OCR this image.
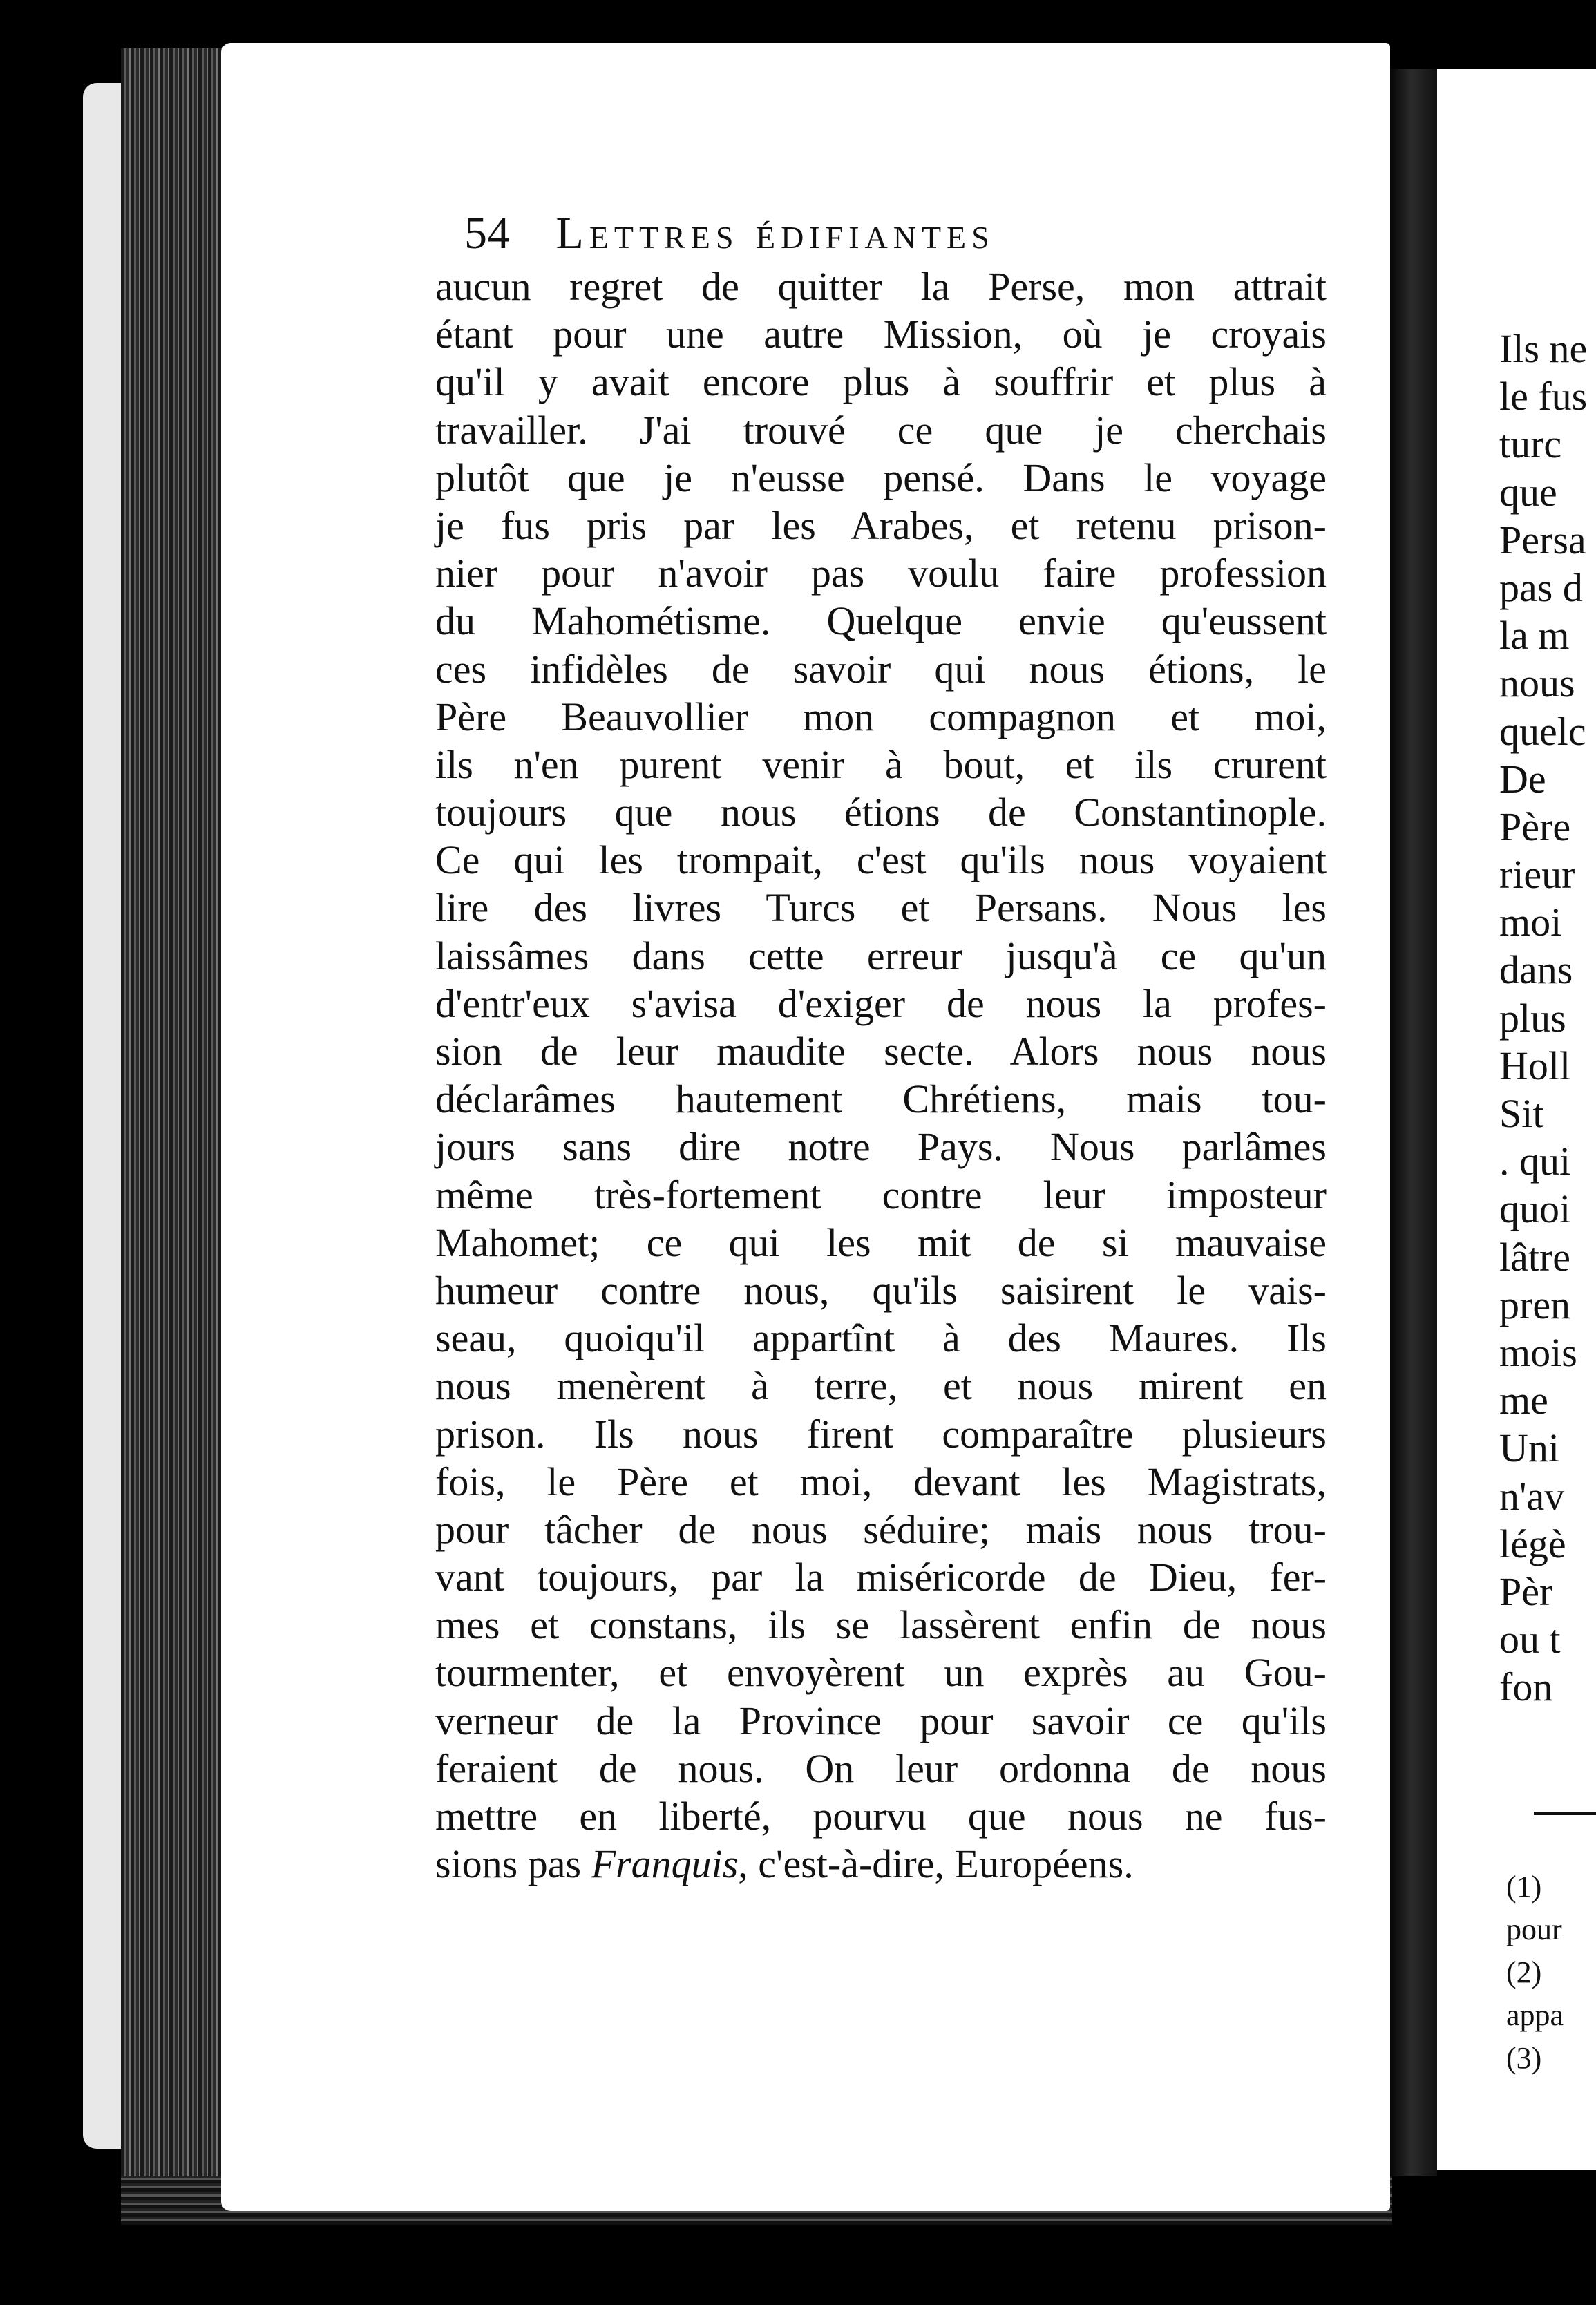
54 Lettres édifiantes
aucun regret de quitter la Perse, mon attrait
étant pour une autre Mission, où je croyais
qu'il y avait encore plus à souffrir et plus à
travailler. J'ai trouvé ce que je cherchais
plutôt que je n'eusse pensé. Dans le voyage
je fus pris par les Arabes, et retenu prison-
nier pour n'avoir pas voulu faire profession
du Mahométisme. Quelque envie qu'eussent
ces infidèles de savoir qui nous étions, le
Père Beauvollier mon compagnon et moi,
ils n'en purent venir à bout, et ils crurent
toujours que nous étions de Constantinople.
Ce qui les trompait, c'est qu'ils nous voyaient
lire des livres Turcs et Persans. Nous les
laissâmes dans cette erreur jusqu'à ce qu'un
d'entr'eux s'avisa d'exiger de nous la profes-
sion de leur maudite secte. Alors nous nous
déclarâmes hautement Chrétiens, mais tou-
jours sans dire notre Pays. Nous parlâmes
même très-fortement contre leur imposteur
Mahomet; ce qui les mit de si mauvaise
humeur contre nous, qu'ils saisirent le vais-
seau, quoiqu'il appartînt à des Maures. Ils
nous menèrent à terre, et nous mirent en
prison. Ils nous firent comparaître plusieurs
fois, le Père et moi, devant les Magistrats,
pour tâcher de nous séduire; mais nous trou-
vant toujours, par la miséricorde de Dieu, fer-
mes et constans, ils se lassèrent enfin de nous
tourmenter, et envoyèrent un exprès au Gou-
verneur de la Province pour savoir ce qu'ils
feraient de nous. On leur ordonna de nous
mettre en liberté, pourvu que nous ne fus-
sions pas Franquis, c'est-à-dire, Européens.
Ils ne
le fus
turc
que
Persa
pas d
la m
nous
quelc
De
Père
rieur
moi
dans
plus
Holl
Sit
. qui
quoi
lâtre
pren
mois
me
Uni
n'av
légè
Pèr
ou t
fon
(1)
pour
(2)
appa
(3)
